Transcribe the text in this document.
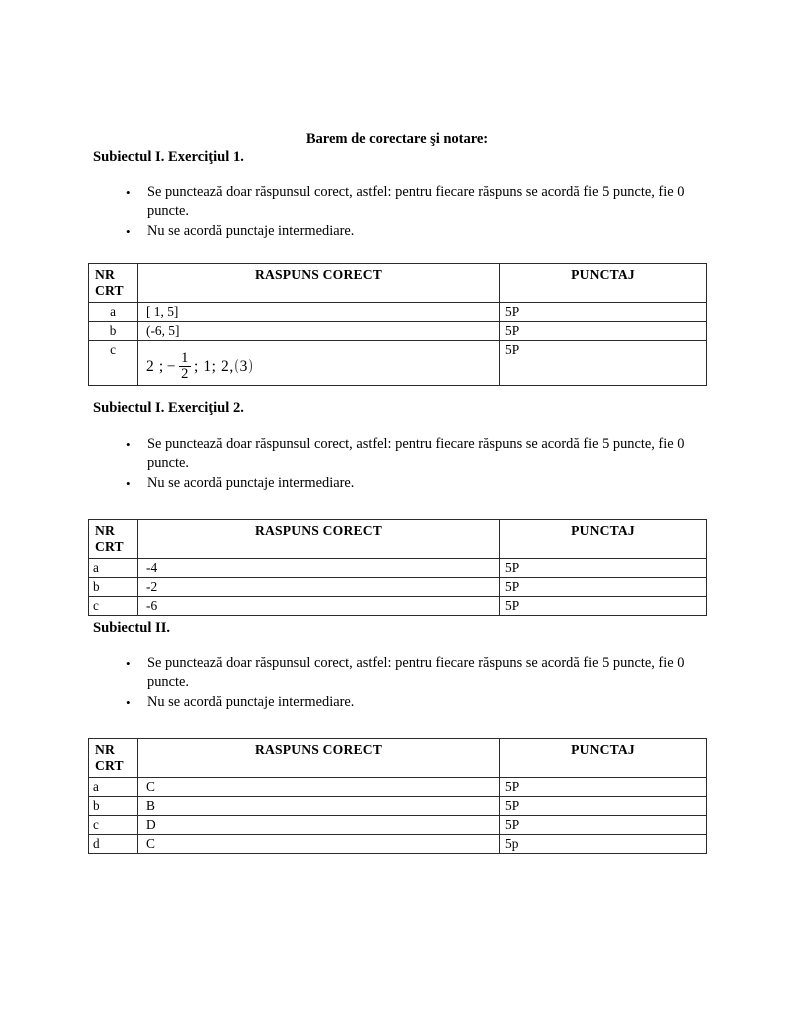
Barem de corectare şi notare:
Subiectul I. Exerciţiul 1.
• Se punctează doar răspunsul corect, astfel: pentru fiecare răspuns se acordă fie 5 puncte, fie 0 puncte.
• Nu se acordă punctaje intermediare.
NR
CRT	RASPUNS CORECT	PUNCTAJ
a	[ 1, 5]	5P
b	(-6, 5]	5P
c	2 ; − $\frac{1}{2}$ ; 1; 2,(3)	5P
Subiectul I. Exerciţiul 2.
• Se punctează doar răspunsul corect, astfel: pentru fiecare răspuns se acordă fie 5 puncte, fie 0 puncte.
• Nu se acordă punctaje intermediare.
NR
CRT	RASPUNS CORECT	PUNCTAJ
a	-4	5P
b	-2	5P
c	-6	5P
Subiectul II.
• Se punctează doar răspunsul corect, astfel: pentru fiecare răspuns se acordă fie 5 puncte, fie 0 puncte.
• Nu se acordă punctaje intermediare.
NR
CRT	RASPUNS CORECT	PUNCTAJ
a	C	5P
b	B	5P
c	D	5P
d	C	5p
